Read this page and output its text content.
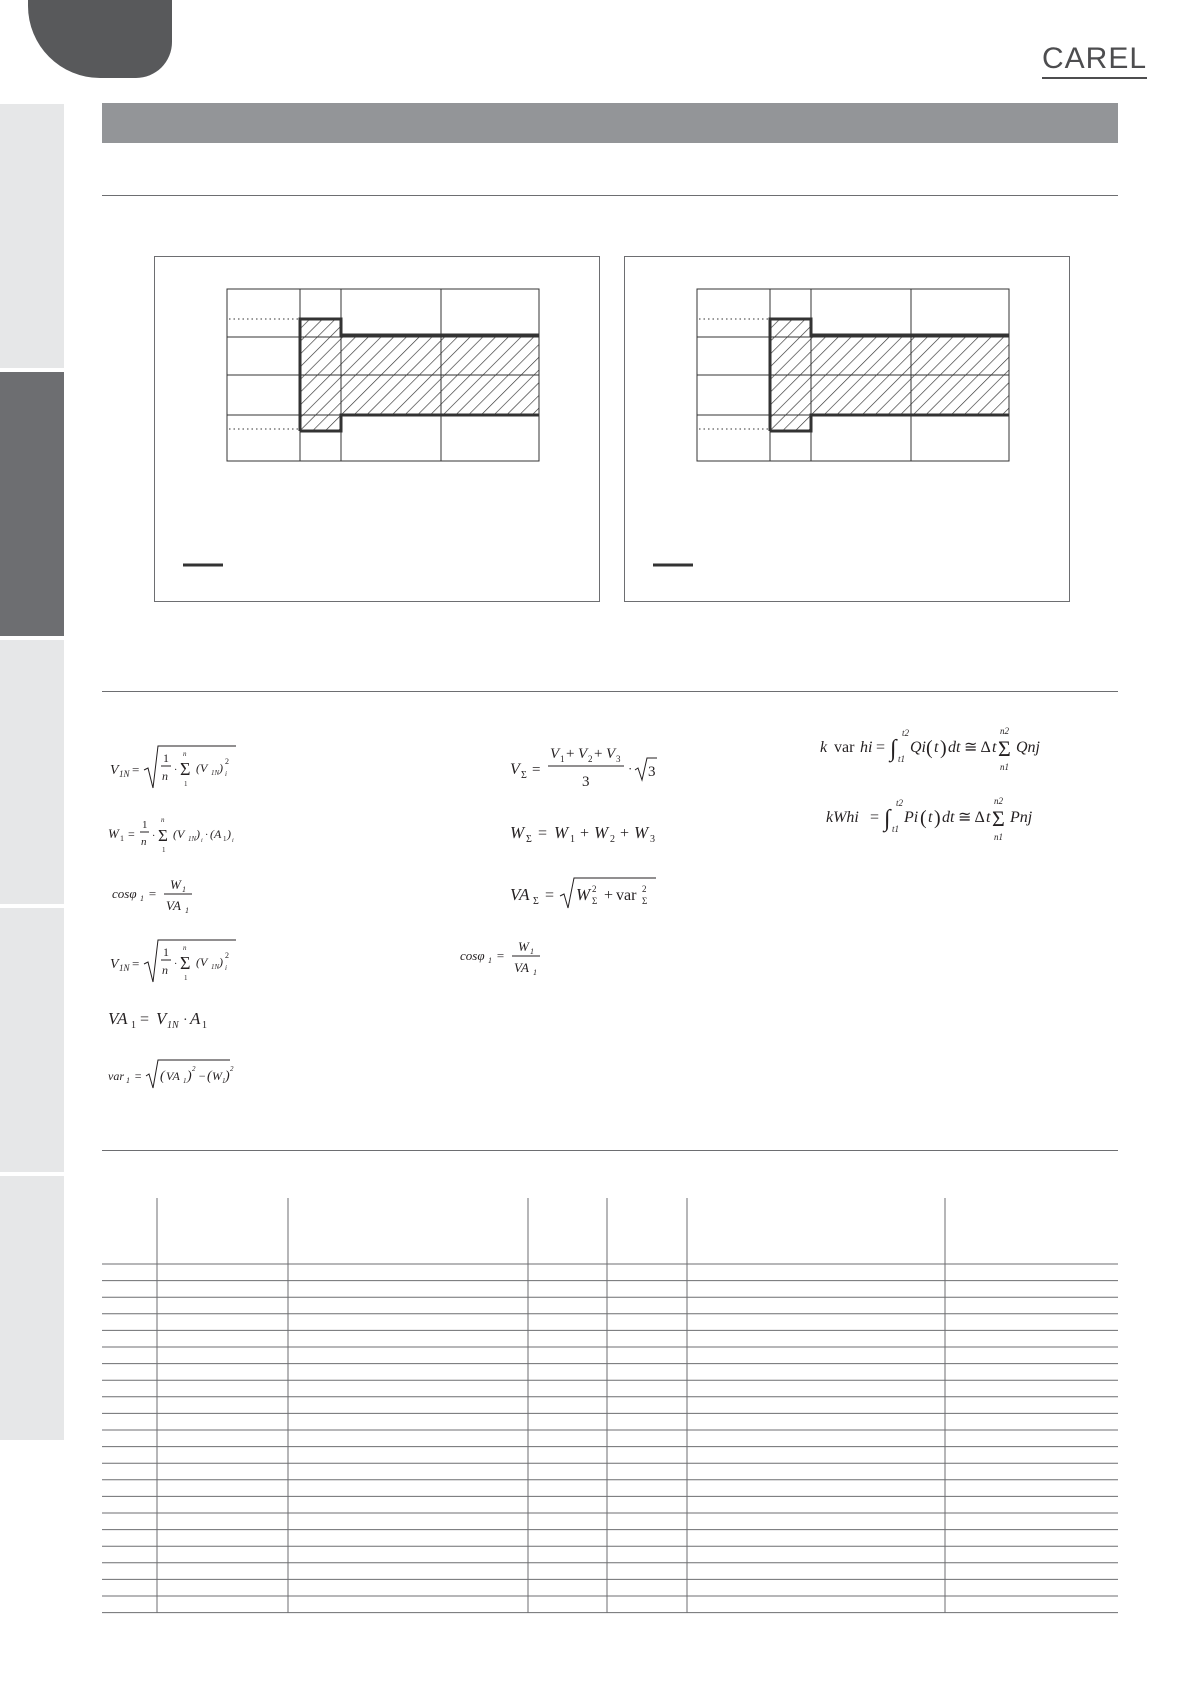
CAREL
V 1N =
1
n · Σ
n
1
(V 1N ) 2
i
W 1 =
1
n · Σ
n
1
(V 1N ) i · (A 1 ) i
cosφ 1 =
W 1
VA 1
V 1N =
1
n · Σ
n
1
(V 1N ) 2
i
VA 1 = V 1N · A 1
var 1 = ( VA 1 ) 2 − ( W 1 ) 2
V Σ =
V 1 + V 2 + V 3
3
· 3
W Σ = W 1 + W 2 + W 3
VA Σ = W Σ
2 + var Σ
2
cosφ 1 =
W 1
VA 1
k var hi = ∫
t2
t1
Qi ( t ) dt ≅ Δ t Σ
n2
n1
Qnj
kWhi = ∫
t2
t1
Pi ( t ) dt ≅ Δ t Σ
n2
n1
Pnj
